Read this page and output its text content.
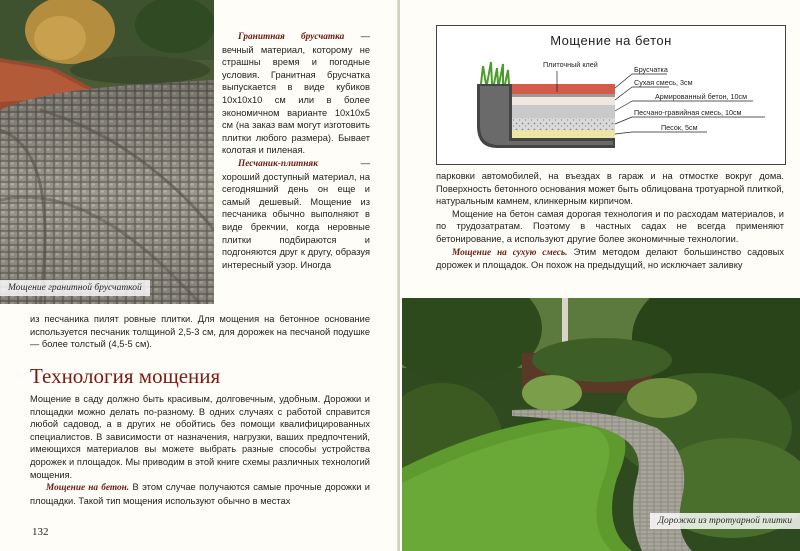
Мощение гранитной брусчаткой

Гранитная брусчатка — вечный материал, которому не страшны время и погодные условия. Гранитная брусчатка выпускается в виде кубиков 10х10х10 см или в более экономичном варианте 10х10х5 см (на заказ вам могут изготовить плитки любого размера). Бывает колотая и пиленая.

Песчаник-плитняк — хороший доступный материал, на сегодняшний день он еще и самый дешевый. Мощение из песчаника обычно выполняют в виде брекчии, когда неровные плитки подбираются и подгоняются друг к другу, образуя интересный узор. Иногда

из песчаника пилят ровные плитки. Для мощения на бетонное основание используется песчаник толщиной 2,5-3 см, для дорожек на песчаной подушке — более толстый (4,5-5 см).

Технология мощения

Мощение в саду должно быть красивым, долговечным, удобным. Дорожки и площадки можно делать по-разному. В одних случаях с работой справится любой садовод, а в других не обойтись без помощи квалифицированных специалистов. В зависимости от назначения, нагрузки, ваших предпочтений, имеющихся материалов вы можете выбрать разные способы устройства дорожек и площадок. Мы приводим в этой книге схемы различных технологий мощения.

Мощение на бетон. В этом случае получаются самые прочные дорожки и площадки. Такой тип мощения используют обычно в местах

132
Мощение на бетон
Плиточный клей
Брусчатка
Сухая смесь, 3см
Армированный бетон, 10см
Песчано-гравийная смесь, 10см
Песок, 5см

парковки автомобилей, на въездах в гараж и на отмостке вокруг дома. Поверхность бетонного основания может быть облицована тротуарной плиткой, натуральным камнем, клинкерным кирпичом.

Мощение на бетон самая дорогая технология и по расходам материалов, и по трудозатратам. Поэтому в частных садах не всегда применяют бетонирование, а используют другие более экономичные технологии.

Мощение на сухую смесь. Этим методом делают большинство садовых дорожек и площадок. Он похож на предыдущий, но исключает заливку

Дорожка из тротуарной плитки
